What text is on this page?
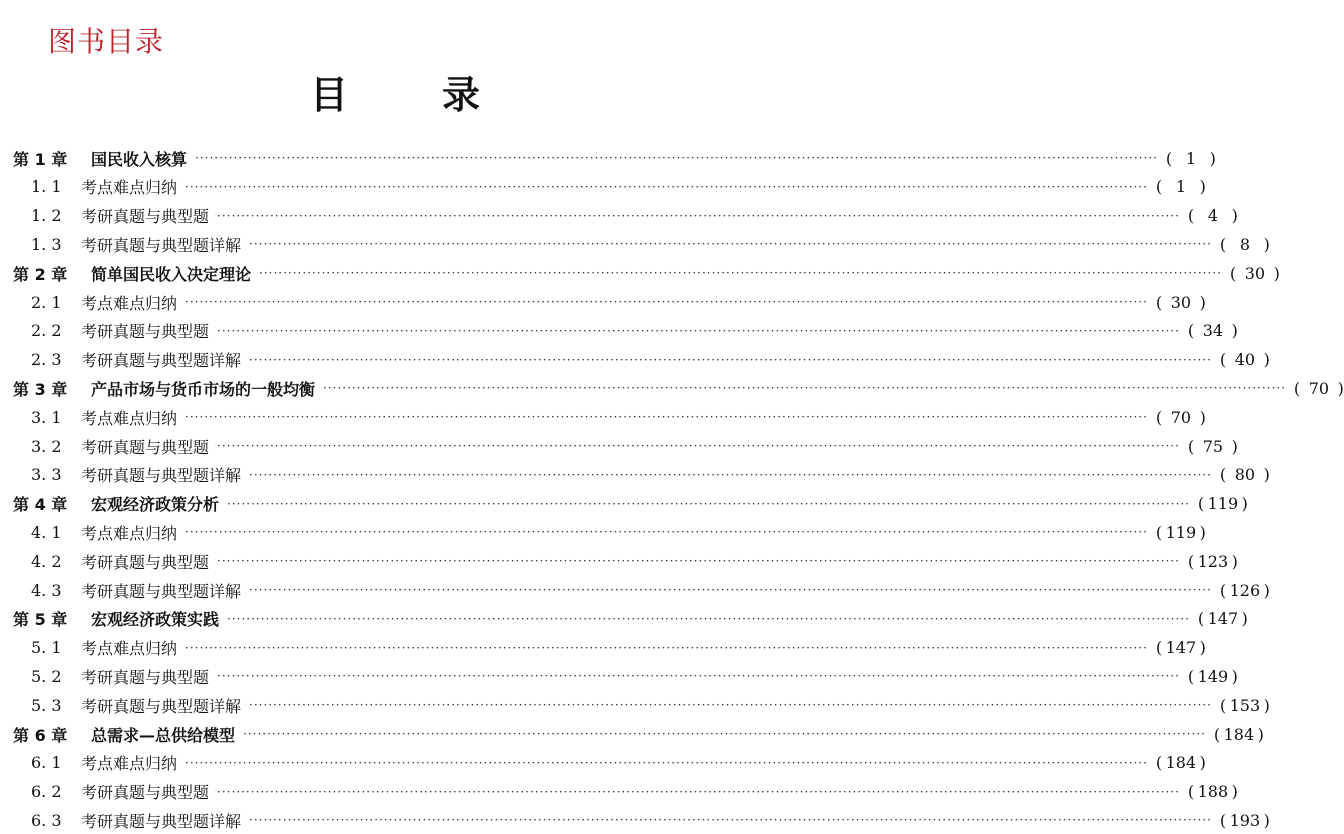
图书目录
目 录
第 1 章	国民收入核算 ········································································································································································································ ( 1 )
1. 1	考点难点归纳 ········································································································································································································ ( 1 )
1. 2	考研真题与典型题 ········································································································································································································ ( 4 )
1. 3	考研真题与典型题详解 ········································································································································································································ ( 8 )
第 2 章	简单国民收入决定理论 ········································································································································································································ ( 30 )
2. 1	考点难点归纳 ········································································································································································································ ( 30 )
2. 2	考研真题与典型题 ········································································································································································································ ( 34 )
2. 3	考研真题与典型题详解 ········································································································································································································ ( 40 )
第 3 章	产品市场与货币市场的一般均衡 ········································································································································································································ ( 70 )
3. 1	考点难点归纳 ········································································································································································································ ( 70 )
3. 2	考研真题与典型题 ········································································································································································································ ( 75 )
3. 3	考研真题与典型题详解 ········································································································································································································ ( 80 )
第 4 章	宏观经济政策分析 ········································································································································································································ ( 119 )
4. 1	考点难点归纳 ········································································································································································································ ( 119 )
4. 2	考研真题与典型题 ········································································································································································································ ( 123 )
4. 3	考研真题与典型题详解 ········································································································································································································ ( 126 )
第 5 章	宏观经济政策实践 ········································································································································································································ ( 147 )
5. 1	考点难点归纳 ········································································································································································································ ( 147 )
5. 2	考研真题与典型题 ········································································································································································································ ( 149 )
5. 3	考研真题与典型题详解 ········································································································································································································ ( 153 )
第 6 章	总需求—总供给模型 ········································································································································································································ ( 184 )
6. 1	考点难点归纳 ········································································································································································································ ( 184 )
6. 2	考研真题与典型题 ········································································································································································································ ( 188 )
6. 3	考研真题与典型题详解 ········································································································································································································ ( 193 )
